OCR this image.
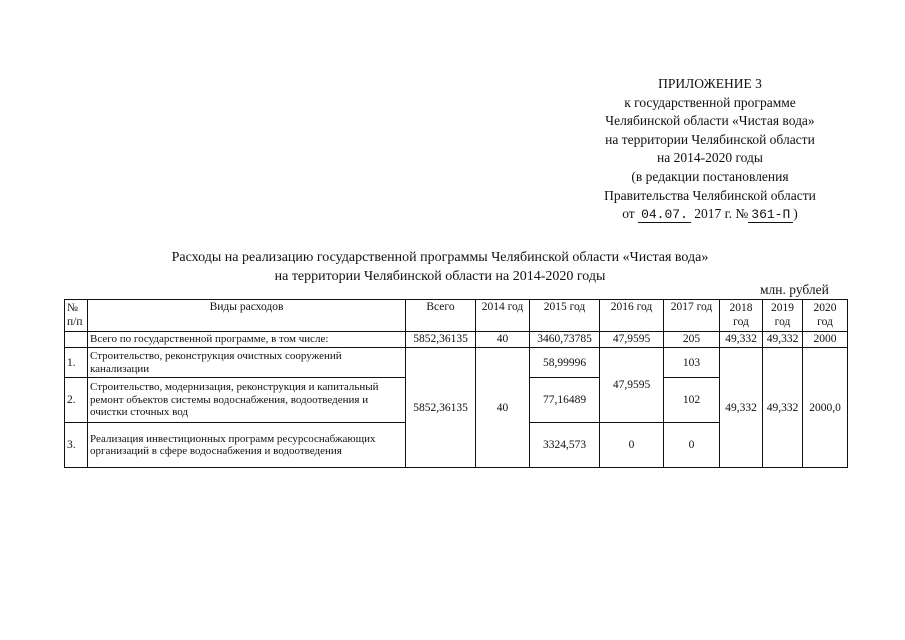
ПРИЛОЖЕНИЕ 3
к государственной программе
Челябинской области «Чистая вода»
на территории Челябинской области
на 2014-2020 годы
(в редакции постановления
Правительства Челябинской области
от 04.07. 2017 г. № 361-П )
Расходы на реализацию государственной программы Челябинской области «Чистая вода»
на территории Челябинской области на 2014-2020 годы
млн. рублей
№ п/п	Виды расходов	Всего	2014 год	2015 год	2016 год	2017 год	2018 год	2019 год	2020 год
	Всего по государственной программе, в том числе:	5852,36135	40	3460,73785	47,9595	205	49,332	49,332	2000
1.	Строительство, реконструкция очистных сооружений канализации	5852,36135	40	58,99996	47,9595	103	49,332	49,332	2000,0
2.	Строительство, модернизация, реконструкция и капитальный ремонт объектов системы водоснабжения, водоотведения и очистки сточных вод			77,16489		102			
3.	Реализация инвестиционных программ ресурсоснабжающих организаций в сфере водоснабжения и водоотведения			3324,573	0	0			
